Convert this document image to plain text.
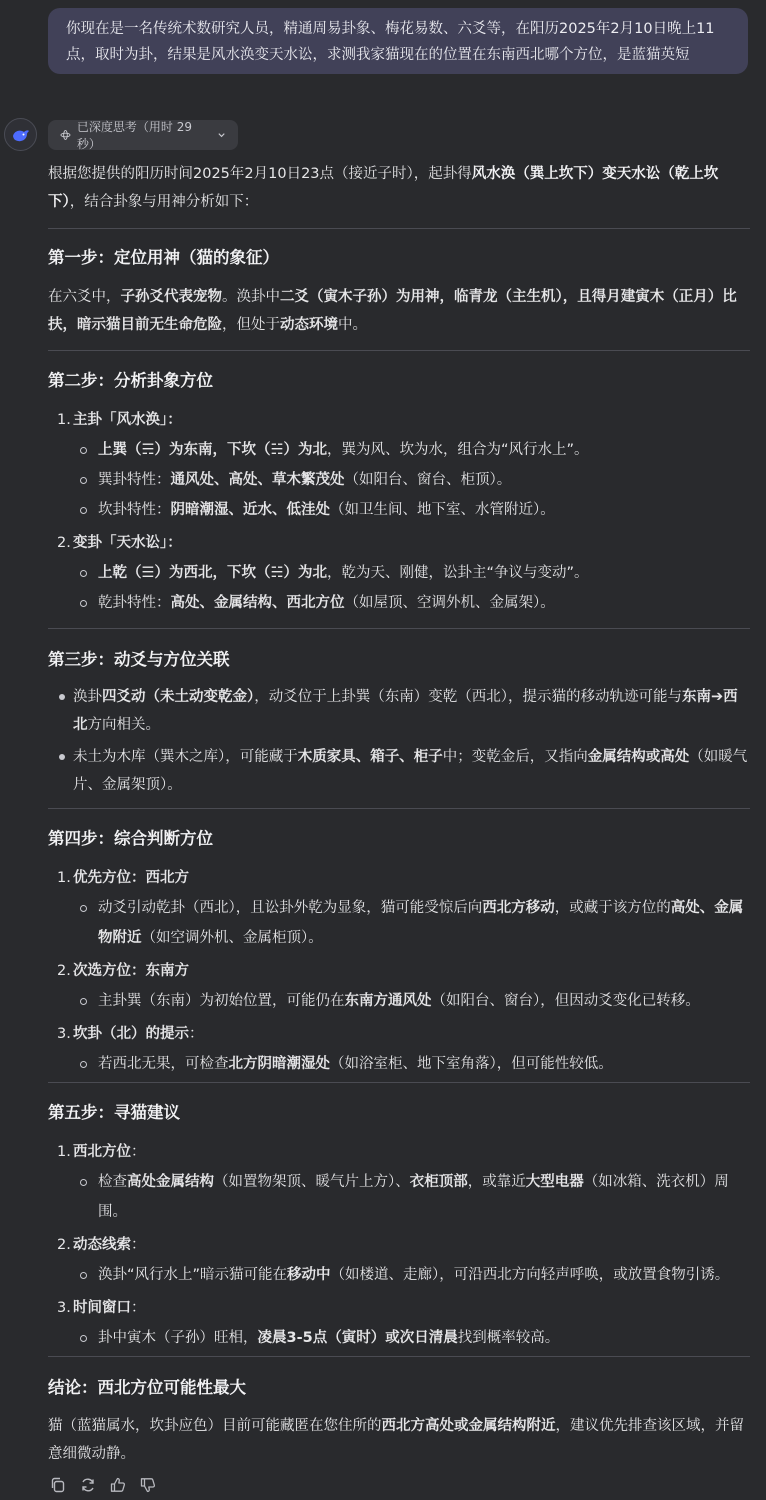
你现在是一名传统术数研究人员，精通周易卦象、梅花易数、六爻等，在阳历2025年2月10日晚上11点，取时为卦，结果是风水涣变天水讼，求测我家猫现在的位置在东南西北哪个方位，是蓝猫英短
已深度思考（用时 29 秒）

根据您提供的阳历时间2025年2月10日23点（接近子时），起卦得风水涣（巽上坎下）变天水讼（乾上坎下），结合卦象与用神分析如下：

第一步：定位用神（猫的象征）
在六爻中，子孙爻代表宠物。涣卦中二爻（寅木子孙）为用神，临青龙（主生机），且得月建寅木（正月）比扶，暗示猫目前无生命危险，但处于动态环境中。
第二步：分析卦象方位
1. 主卦「风水涣」：
上巽（☴）为东南，下坎（☵）为北，巽为风、坎为水，组合为“风行水上”。
巽卦特性：通风处、高处、草木繁茂处（如阳台、窗台、柜顶）。
坎卦特性：阴暗潮湿、近水、低洼处（如卫生间、地下室、水管附近）。
2. 变卦「天水讼」：
上乾（☰）为西北，下坎（☵）为北，乾为天、刚健，讼卦主“争议与变动”。
乾卦特性：高处、金属结构、西北方位（如屋顶、空调外机、金属架）。
第三步：动爻与方位关联
涣卦四爻动（未土动变乾金），动爻位于上卦巽（东南）变乾（西北），提示猫的移动轨迹可能与东南➔西北方向相关。
未土为木库（巽木之库），可能藏于木质家具、箱子、柜子中；变乾金后，又指向金属结构或高处（如暖气片、金属架顶）。
第四步：综合判断方位
1. 优先方位：西北方
动爻引动乾卦（西北），且讼卦外乾为显象，猫可能受惊后向西北方移动，或藏于该方位的高处、金属物附近（如空调外机、金属柜顶）。
2. 次选方位：东南方
主卦巽（东南）为初始位置，可能仍在东南方通风处（如阳台、窗台），但因动爻变化已转移。
3. 坎卦（北）的提示：
若西北无果，可检查北方阴暗潮湿处（如浴室柜、地下室角落），但可能性较低。
第五步：寻猫建议
1. 西北方位：
检查高处金属结构（如置物架顶、暖气片上方）、衣柜顶部，或靠近大型电器（如冰箱、洗衣机）周围。
2. 动态线索：
涣卦“风行水上”暗示猫可能在移动中（如楼道、走廊），可沿西北方向轻声呼唤，或放置食物引诱。
3. 时间窗口：
卦中寅木（子孙）旺相，凌晨3-5点（寅时）或次日清晨找到概率较高。
结论：西北方位可能性最大
猫（蓝猫属水，坎卦应色）目前可能藏匿在您住所的西北方高处或金属结构附近，建议优先排查该区域，并留意细微动静。
